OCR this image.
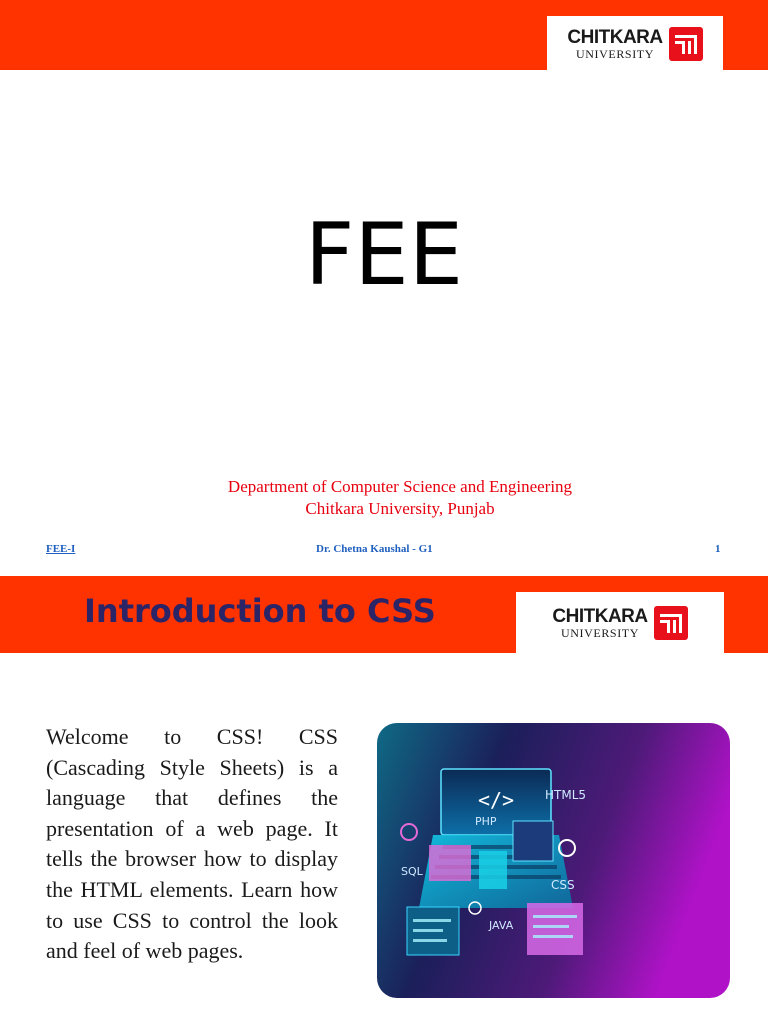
CHITKARA
UNIVERSITY
FEE
Department of Computer Science and Engineering
Chitkara University, Punjab
FEE-I	Dr. Chetna Kaushal - G1	1
Introduction to CSS	CHITKARA
UNIVERSITY
Welcome to CSS! CSS (Cascading Style Sheets) is a language that defines the presentation of a web page. It tells the browser how to display the HTML elements. Learn how to use CSS to control the look and feel of web pages.
</>	HTML5
PHP
SQL
CSS
JAVA
